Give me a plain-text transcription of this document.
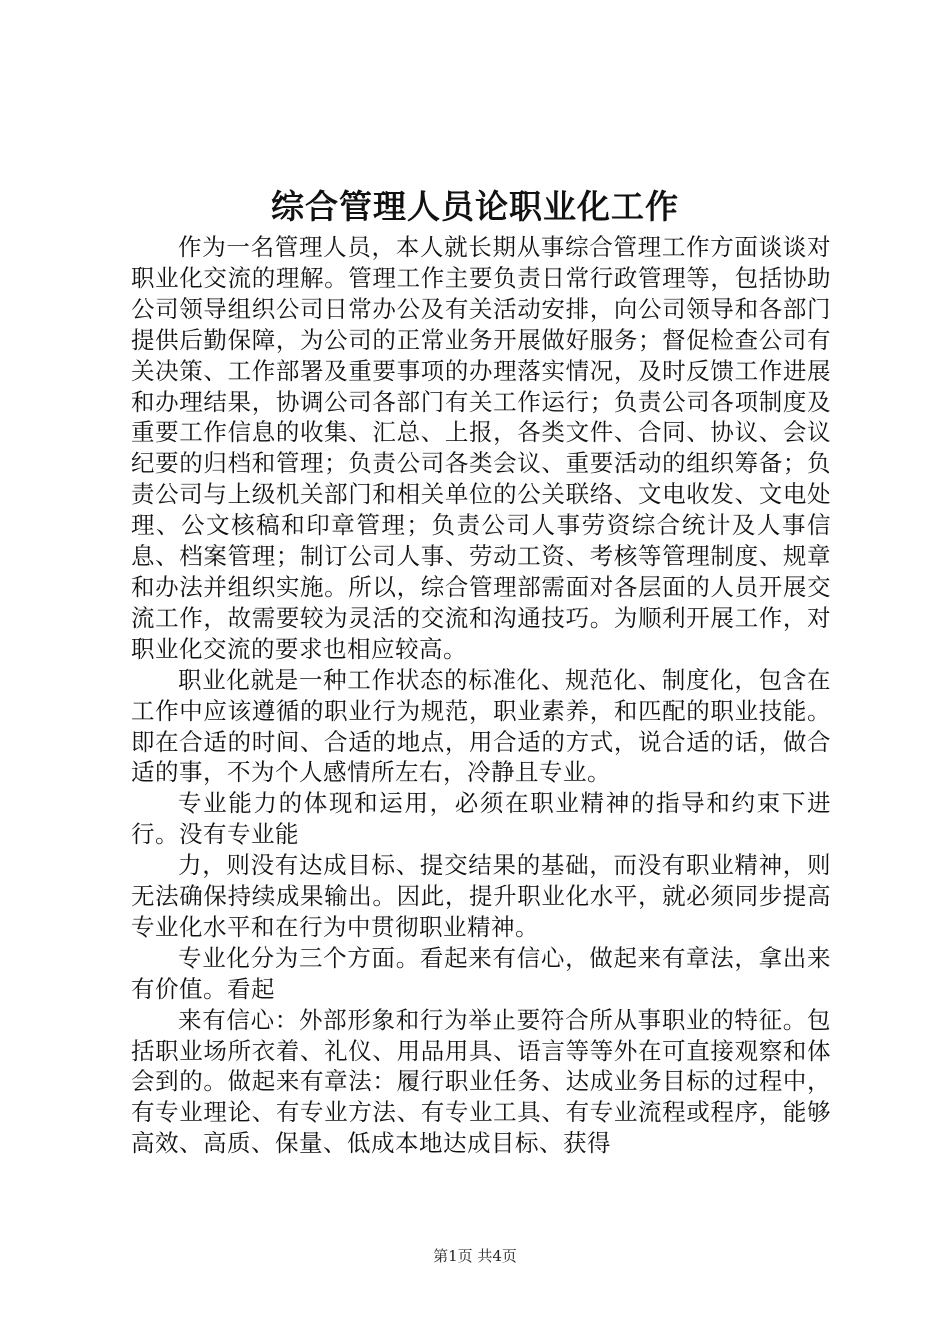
综合管理人员论职业化工作

作为一名管理人员，本人就长期从事综合管理工作方面谈谈对职业化交流的理解。管理工作主要负责日常行政管理等，包括协助公司领导组织公司日常办公及有关活动安排，向公司领导和各部门提供后勤保障，为公司的正常业务开展做好服务；督促检查公司有关决策、工作部署及重要事项的办理落实情况，及时反馈工作进展和办理结果，协调公司各部门有关工作运行；负责公司各项制度及重要工作信息的收集、汇总、上报，各类文件、合同、协议、会议纪要的归档和管理；负责公司各类会议、重要活动的组织筹备；负责公司与上级机关部门和相关单位的公关联络、文电收发、文电处理、公文核稿和印章管理；负责公司人事劳资综合统计及人事信息、档案管理；制订公司人事、劳动工资、考核等管理制度、规章和办法并组织实施。所以，综合管理部需面对各层面的人员开展交流工作，故需要较为灵活的交流和沟通技巧。为顺利开展工作，对职业化交流的要求也相应较高。

职业化就是一种工作状态的标准化、规范化、制度化，包含在工作中应该遵循的职业行为规范，职业素养，和匹配的职业技能。即在合适的时间、合适的地点，用合适的方式，说合适的话，做合适的事，不为个人感情所左右，冷静且专业。

专业能力的体现和运用，必须在职业精神的指导和约束下进行。没有专业能

力，则没有达成目标、提交结果的基础，而没有职业精神，则无法确保持续成果输出。因此，提升职业化水平，就必须同步提高专业化水平和在行为中贯彻职业精神。

专业化分为三个方面。看起来有信心，做起来有章法，拿出来有价值。看起

来有信心：外部形象和行为举止要符合所从事职业的特征。包括职业场所衣着、礼仪、用品用具、语言等等外在可直接观察和体会到的。做起来有章法：履行职业任务、达成业务目标的过程中，有专业理论、有专业方法、有专业工具、有专业流程或程序，能够高效、高质、保量、低成本地达成目标、获得

第1页 共4页
